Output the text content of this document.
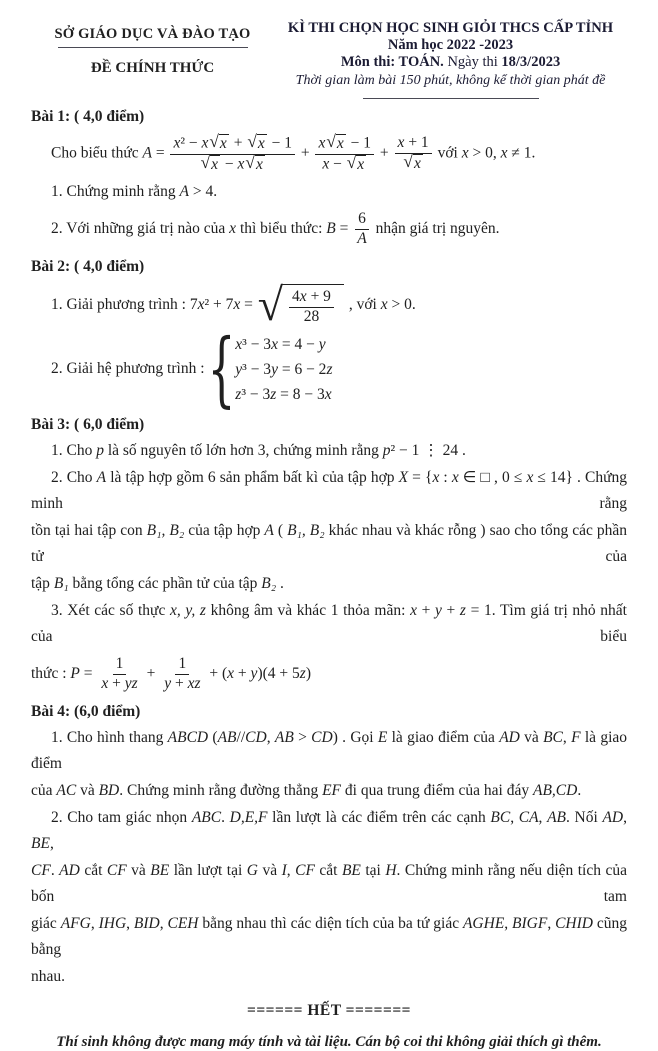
SỞ GIÁO DỤC VÀ ĐÀO TẠO
ĐỀ CHÍNH THỨC
KÌ THI CHỌN HỌC SINH GIỎI THCS CẤP TỈNH
Năm học 2022 -2023
Môn thi: TOÁN. Ngày thi 18/3/2023
Thời gian làm bài 150 phút, không kể thời gian phát đề
Bài 1: ( 4,0 điểm)
Cho biểu thức $A = \frac{\text{x² − x √ x + √ x − 1}}{√ x - x √ x} + \frac{x √ x - 1}{x - √ x} + \frac{x + 1}{√ x}$ với x > 0, x ≠ 1.
1. Chứng minh rằng A > 4.
2. Với những giá trị nào của x thì biểu thức: $B = \frac{6}{A}$ nhận giá trị nguyên.
Bài 2: ( 4,0 điểm)
1. Giải phương trình : 7x² + 7x = √ $\frac{4x + 9}{28}$ , với x > 0.
2. Giải hệ phương trình : { x³ − 3x = 4 − y
y³ − 3y = 6 − 2z
z³ − 3z = 8 − 3x
Bài 3: ( 6,0 điểm)
1. Cho p là số nguyên tố lớn hơn 3, chứng minh rằng p² − 1 ⋮ 24 .
2. Cho A là tập hợp gồm 6 sản phẩm bất kì của tập hợp X = {x : x ∈ □ , 0 ≤ x ≤ 14} . Chứng minh rằng
tồn tại hai tập con B₁, B₂ của tập hợp A ( B₁, B₂ khác nhau và khác rỗng ) sao cho tổng các phần tử của
tập B₁ bằng tổng các phần tử của tập B₂ .
3. Xét các số thực x, y, z không âm và khác 1 thỏa mãn: x + y + z = 1. Tìm giá trị nhỏ nhất của biểu
thức : $P = \frac{1}{x + yz} + \frac{1}{y + xz} + (x + y)(4 + 5z)$
Bài 4: (6,0 điểm)
1. Cho hình thang ABCD (AB//CD, AB > CD) . Gọi E là giao điểm của AD và BC, F là giao điểm
của AC và BD. Chứng minh rằng đường thẳng EF đi qua trung điểm của hai đáy AB,CD.
2. Cho tam giác nhọn ABC. D,E,F lần lượt là các điểm trên các cạnh BC, CA, AB. Nối AD, BE,
CF. AD cắt CF và BE lần lượt tại G và I, CF cắt BE tại H. Chứng minh rằng nếu diện tích của bốn tam
giác AFG, IHG, BID, CEH bằng nhau thì các diện tích của ba tứ giác AGHE, BIGF, CHID cũng bằng
nhau.
====== HẾT =======
Thí sinh không được mang máy tính và tài liệu. Cán bộ coi thi không giải thích gì thêm.
